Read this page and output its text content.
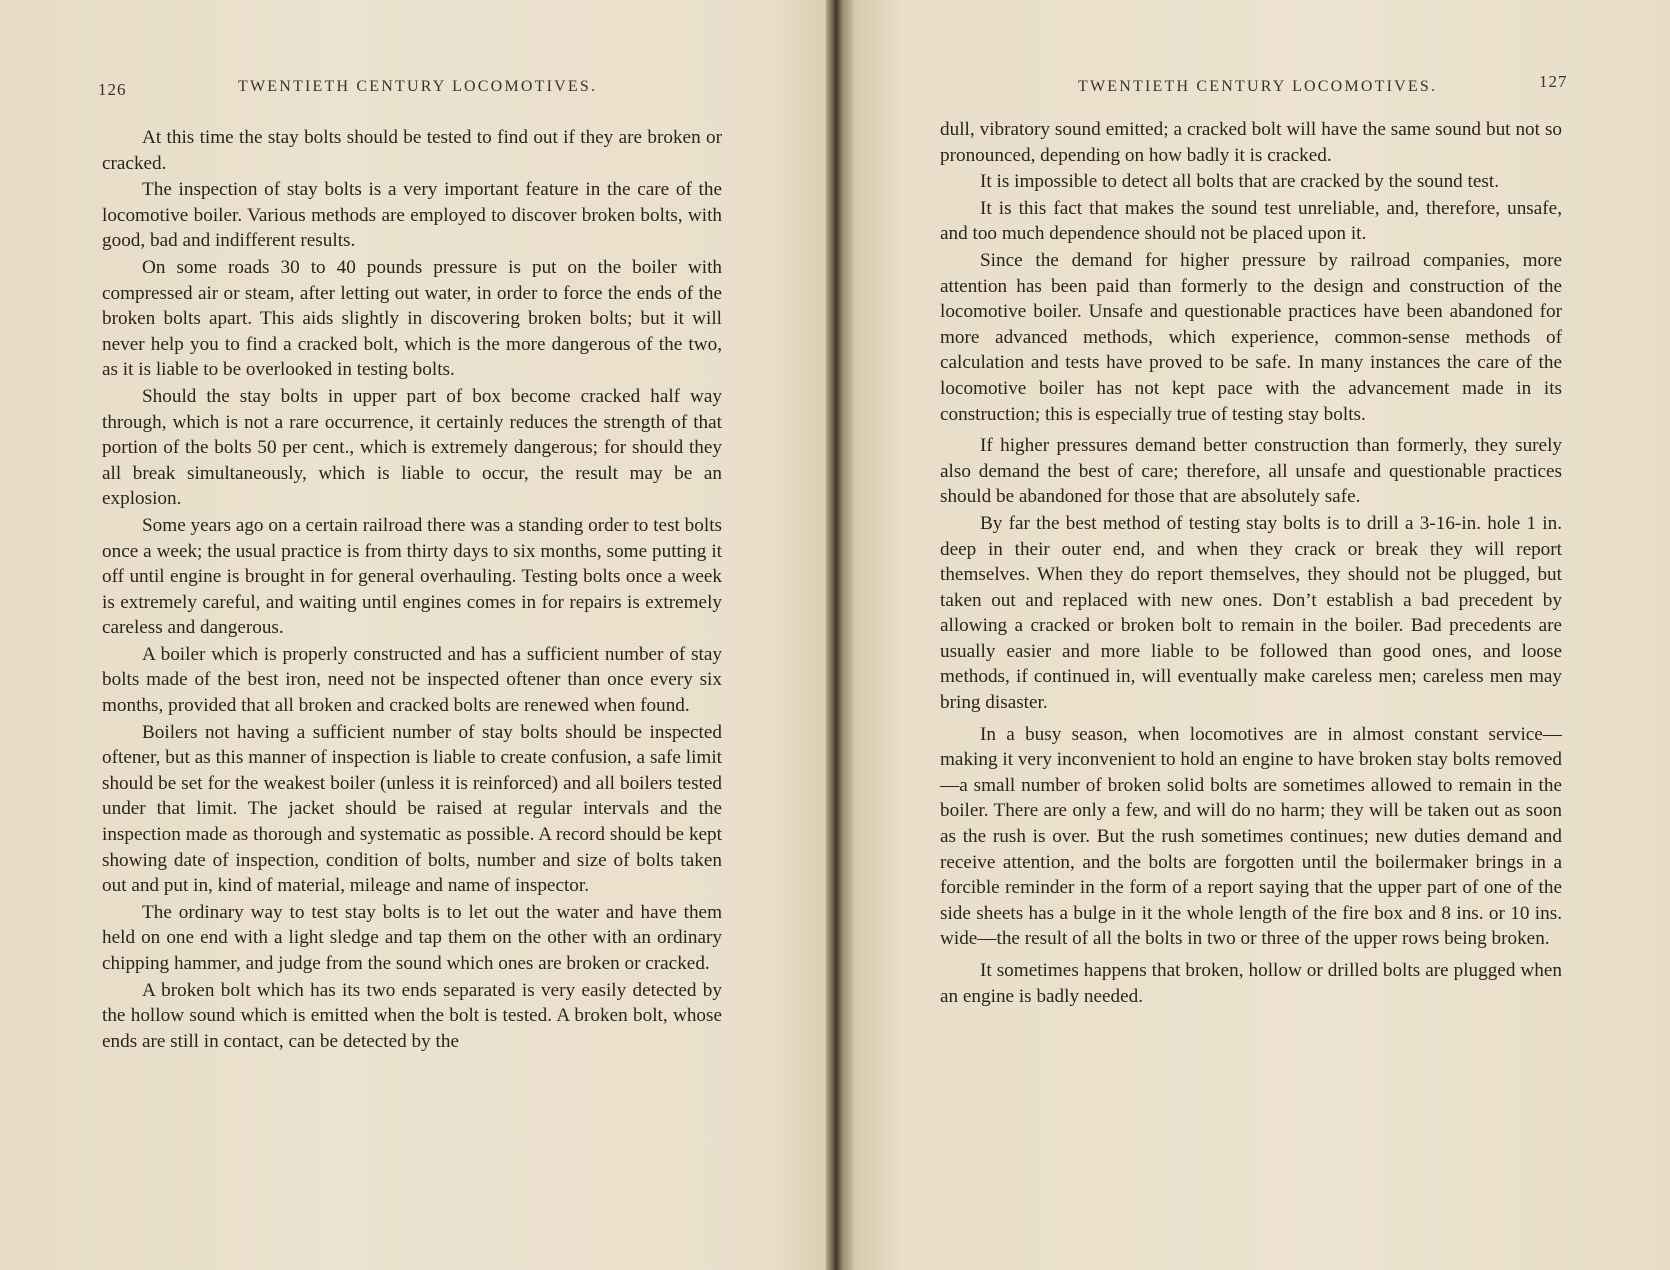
126	TWENTIETH CENTURY LOCOMOTIVES.

At this time the stay bolts should be tested to find out if they are broken or cracked.

The inspection of stay bolts is a very important feature in the care of the locomotive boiler. Various methods are employed to discover broken bolts, with good, bad and indifferent results.

On some roads 30 to 40 pounds pressure is put on the boiler with compressed air or steam, after letting out water, in order to force the ends of the broken bolts apart. This aids slightly in discovering broken bolts; but it will never help you to find a cracked bolt, which is the more dangerous of the two, as it is liable to be overlooked in testing bolts.

Should the stay bolts in upper part of box become cracked half way through, which is not a rare occurrence, it certainly reduces the strength of that portion of the bolts 50 per cent., which is extremely dangerous; for should they all break simultaneously, which is liable to occur, the result may be an explosion.

Some years ago on a certain railroad there was a standing order to test bolts once a week; the usual practice is from thirty days to six months, some putting it off until engine is brought in for general overhauling. Testing bolts once a week is extremely careful, and waiting until engines comes in for repairs is extremely careless and dangerous.

A boiler which is properly constructed and has a sufficient number of stay bolts made of the best iron, need not be inspected oftener than once every six months, provided that all broken and cracked bolts are renewed when found.

Boilers not having a sufficient number of stay bolts should be inspected oftener, but as this manner of inspection is liable to create confusion, a safe limit should be set for the weakest boiler (unless it is reinforced) and all boilers tested under that limit. The jacket should be raised at regular intervals and the inspection made as thorough and systematic as possible. A record should be kept showing date of inspection, condition of bolts, number and size of bolts taken out and put in, kind of material, mileage and name of inspector.

The ordinary way to test stay bolts is to let out the water and have them held on one end with a light sledge and tap them on the other with an ordinary chipping hammer, and judge from the sound which ones are broken or cracked.

A broken bolt which has its two ends separated is very easily detected by the hollow sound which is emitted when the bolt is tested. A broken bolt, whose ends are still in contact, can be detected by the

TWENTIETH CENTURY LOCOMOTIVES.	127

dull, vibratory sound emitted; a cracked bolt will have the same sound but not so pronounced, depending on how badly it is cracked.

It is impossible to detect all bolts that are cracked by the sound test.

It is this fact that makes the sound test unreliable, and, therefore, unsafe, and too much dependence should not be placed upon it.

Since the demand for higher pressure by railroad companies, more attention has been paid than formerly to the design and construction of the locomotive boiler. Unsafe and questionable practices have been abandoned for more advanced methods, which experience, common-sense methods of calculation and tests have proved to be safe. In many instances the care of the locomotive boiler has not kept pace with the advancement made in its construction; this is especially true of testing stay bolts.

If higher pressures demand better construction than formerly, they surely also demand the best of care; therefore, all unsafe and questionable practices should be abandoned for those that are absolutely safe.

By far the best method of testing stay bolts is to drill a 3-16-in. hole 1 in. deep in their outer end, and when they crack or break they will report themselves. When they do report themselves, they should not be plugged, but taken out and replaced with new ones. Don’t establish a bad precedent by allowing a cracked or broken bolt to remain in the boiler. Bad precedents are usually easier and more liable to be followed than good ones, and loose methods, if continued in, will eventually make careless men; careless men may bring disaster.

In a busy season, when locomotives are in almost constant service—making it very inconvenient to hold an engine to have broken stay bolts removed—a small number of broken solid bolts are sometimes allowed to remain in the boiler. There are only a few, and will do no harm; they will be taken out as soon as the rush is over. But the rush sometimes continues; new duties demand and receive attention, and the bolts are forgotten until the boilermaker brings in a forcible reminder in the form of a report saying that the upper part of one of the side sheets has a bulge in it the whole length of the fire box and 8 ins. or 10 ins. wide—the result of all the bolts in two or three of the upper rows being broken.

It sometimes happens that broken, hollow or drilled bolts are plugged when an engine is badly needed.
